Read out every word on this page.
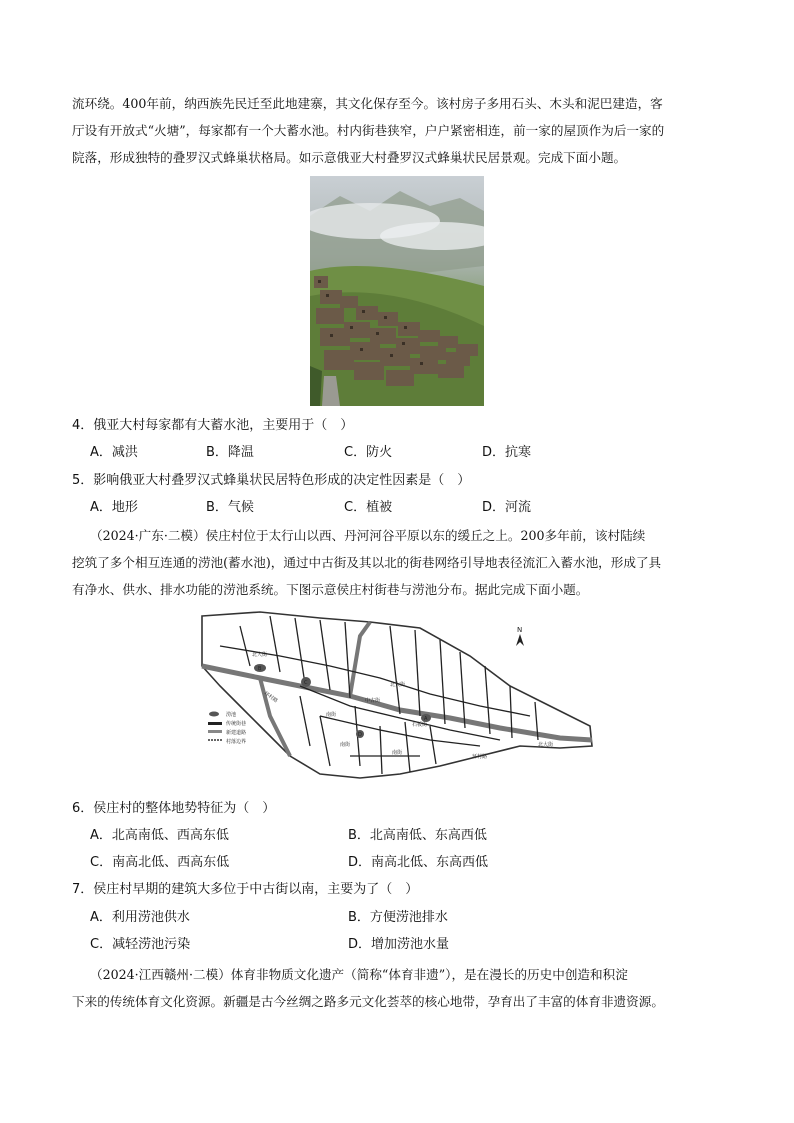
流环绕。400年前，纳西族先民迁至此地建寨，其文化保存至今。该村房子多用石头、木头和泥巴建造，客
厅设有开放式“火塘”，每家都有一个大蓄水池。村内街巷狭窄，户户紧密相连，前一家的屋顶作为后一家的
院落，形成独特的叠罗汉式蜂巢状格局。如示意俄亚大村叠罗汉式蜂巢状民居景观。完成下面小题。
4．俄亚大村每家都有大蓄水池，主要用于（　）
A．减洪	B．降温	C．防火	D．抗寒
5．影响俄亚大村叠罗汉式蜂巢状民居特色形成的决定性因素是（　）
A．地形	B．气候	C．植被	D．河流
（2024·广东·二模）侯庄村位于太行山以西、丹河河谷平原以东的缓丘之上。200多年前，该村陆续
挖筑了多个相互连通的涝池(蓄水池)，通过中古街及其以北的街巷网络引导地表径流汇入蓄水池，形成了具
有净水、供水、排水功能的涝池系统。下图示意侯庄村街巷与涝池分布。据此完成下面小题。
北大街
北大街
北大街
环村路
环村路
中古街
南街
南街
石板街
南街
B
C
A
D
N
涝池
传统街巷
新建道路
村落边界
6．侯庄村的整体地势特征为（　）
A．北高南低、西高东低	B．北高南低、东高西低
C．南高北低、西高东低	D．南高北低、东高西低
7．侯庄村早期的建筑大多位于中古街以南，主要为了（　）
A．利用涝池供水	B．方便涝池排水
C．减轻涝池污染	D．增加涝池水量
（2024·江西赣州·二模）体育非物质文化遗产（简称“体育非遗”），是在漫长的历史中创造和积淀
下来的传统体育文化资源。新疆是古今丝绸之路多元文化荟萃的核心地带，孕育出了丰富的体育非遗资源。
